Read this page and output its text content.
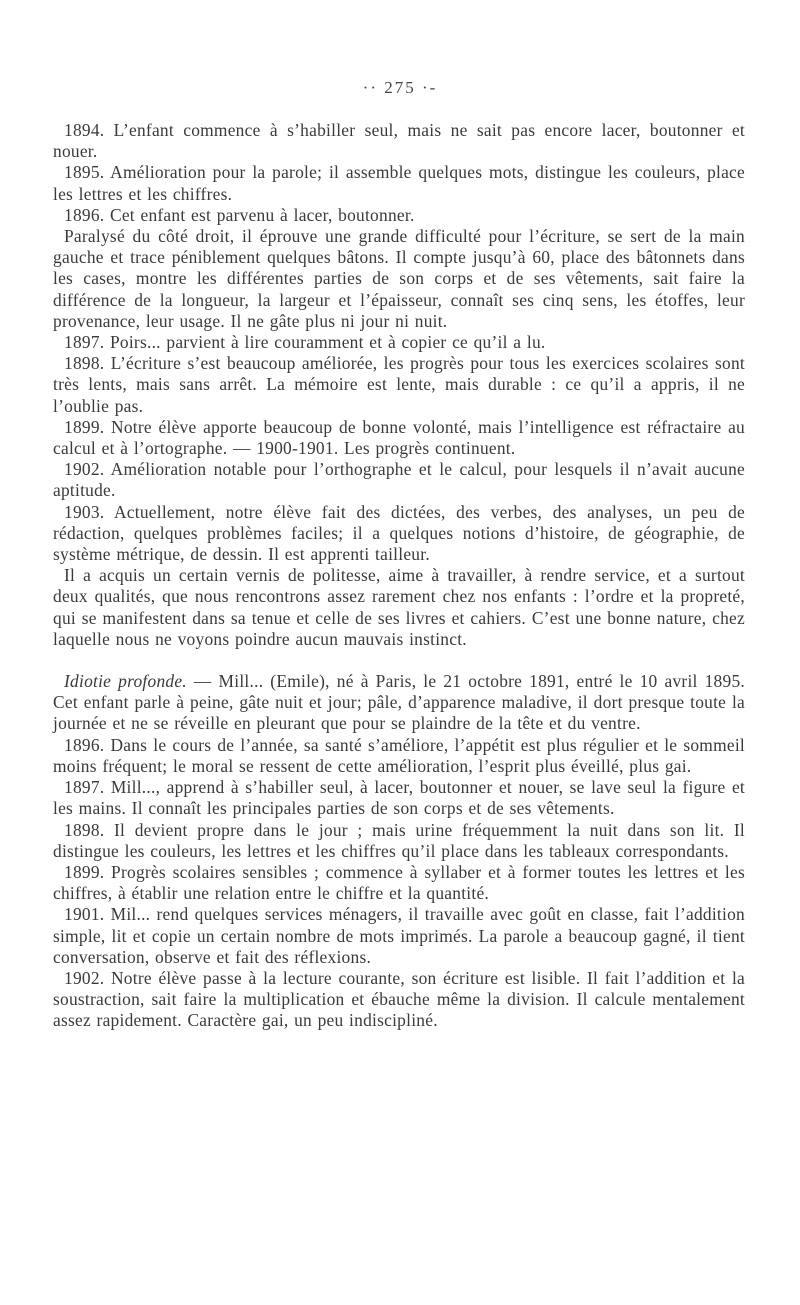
·· 275 ·-

1894. L’enfant commence à s’habiller seul, mais ne sait pas encore lacer, boutonner et nouer.

1895. Amélioration pour la parole; il assemble quelques mots, distingue les couleurs, place les lettres et les chiffres.

1896. Cet enfant est parvenu à lacer, boutonner.

Paralysé du côté droit, il éprouve une grande difficulté pour l’écriture, se sert de la main gauche et trace péniblement quelques bâtons. Il compte jusqu’à 60, place des bâtonnets dans les cases, montre les différentes parties de son corps et de ses vêtements, sait faire la différence de la longueur, la largeur et l’épaisseur, connaît ses cinq sens, les étoffes, leur provenance, leur usage. Il ne gâte plus ni jour ni nuit.

1897. Poirs... parvient à lire couramment et à copier ce qu’il a lu.

1898. L’écriture s’est beaucoup améliorée, les progrès pour tous les exercices scolaires sont très lents, mais sans arrêt. La mémoire est lente, mais durable : ce qu’il a appris, il ne l’oublie pas.

1899. Notre élève apporte beaucoup de bonne volonté, mais l’intelligence est réfractaire au calcul et à l’ortographe. — 1900-1901. Les progrès continuent.

1902. Amélioration notable pour l’orthographe et le calcul, pour lesquels il n’avait aucune aptitude.

1903. Actuellement, notre élève fait des dictées, des verbes, des analyses, un peu de rédaction, quelques problèmes faciles; il a quelques notions d’histoire, de géographie, de système métrique, de dessin. Il est apprenti tailleur.

Il a acquis un certain vernis de politesse, aime à travailler, à rendre service, et a surtout deux qualités, que nous rencontrons assez rarement chez nos enfants : l’ordre et la propreté, qui se manifestent dans sa tenue et celle de ses livres et cahiers. C’est une bonne nature, chez laquelle nous ne voyons poindre aucun mauvais instinct.

Idiotie profonde. — Mill... (Emile), né à Paris, le 21 octobre 1891, entré le 10 avril 1895. Cet enfant parle à peine, gâte nuit et jour; pâle, d’apparence maladive, il dort presque toute la journée et ne se réveille en pleurant que pour se plaindre de la tête et du ventre.

1896. Dans le cours de l’année, sa santé s’améliore, l’appétit est plus régulier et le sommeil moins fréquent; le moral se ressent de cette amélioration, l’esprit plus éveillé, plus gai.

1897. Mill..., apprend à s’habiller seul, à lacer, boutonner et nouer, se lave seul la figure et les mains. Il connaît les principales parties de son corps et de ses vêtements.

1898. Il devient propre dans le jour ; mais urine fréquemment la nuit dans son lit. Il distingue les couleurs, les lettres et les chiffres qu’il place dans les tableaux correspondants.

1899. Progrès scolaires sensibles ; commence à syllaber et à former toutes les lettres et les chiffres, à établir une relation entre le chiffre et la quantité.

1901. Mil... rend quelques services ménagers, il travaille avec goût en classe, fait l’addition simple, lit et copie un certain nombre de mots imprimés. La parole a beaucoup gagné, il tient conversation, observe et fait des réflexions.

1902. Notre élève passe à la lecture courante, son écriture est lisible. Il fait l’addition et la soustraction, sait faire la multiplication et ébauche même la division. Il calcule mentalement assez rapidement. Caractère gai, un peu indiscipliné.
